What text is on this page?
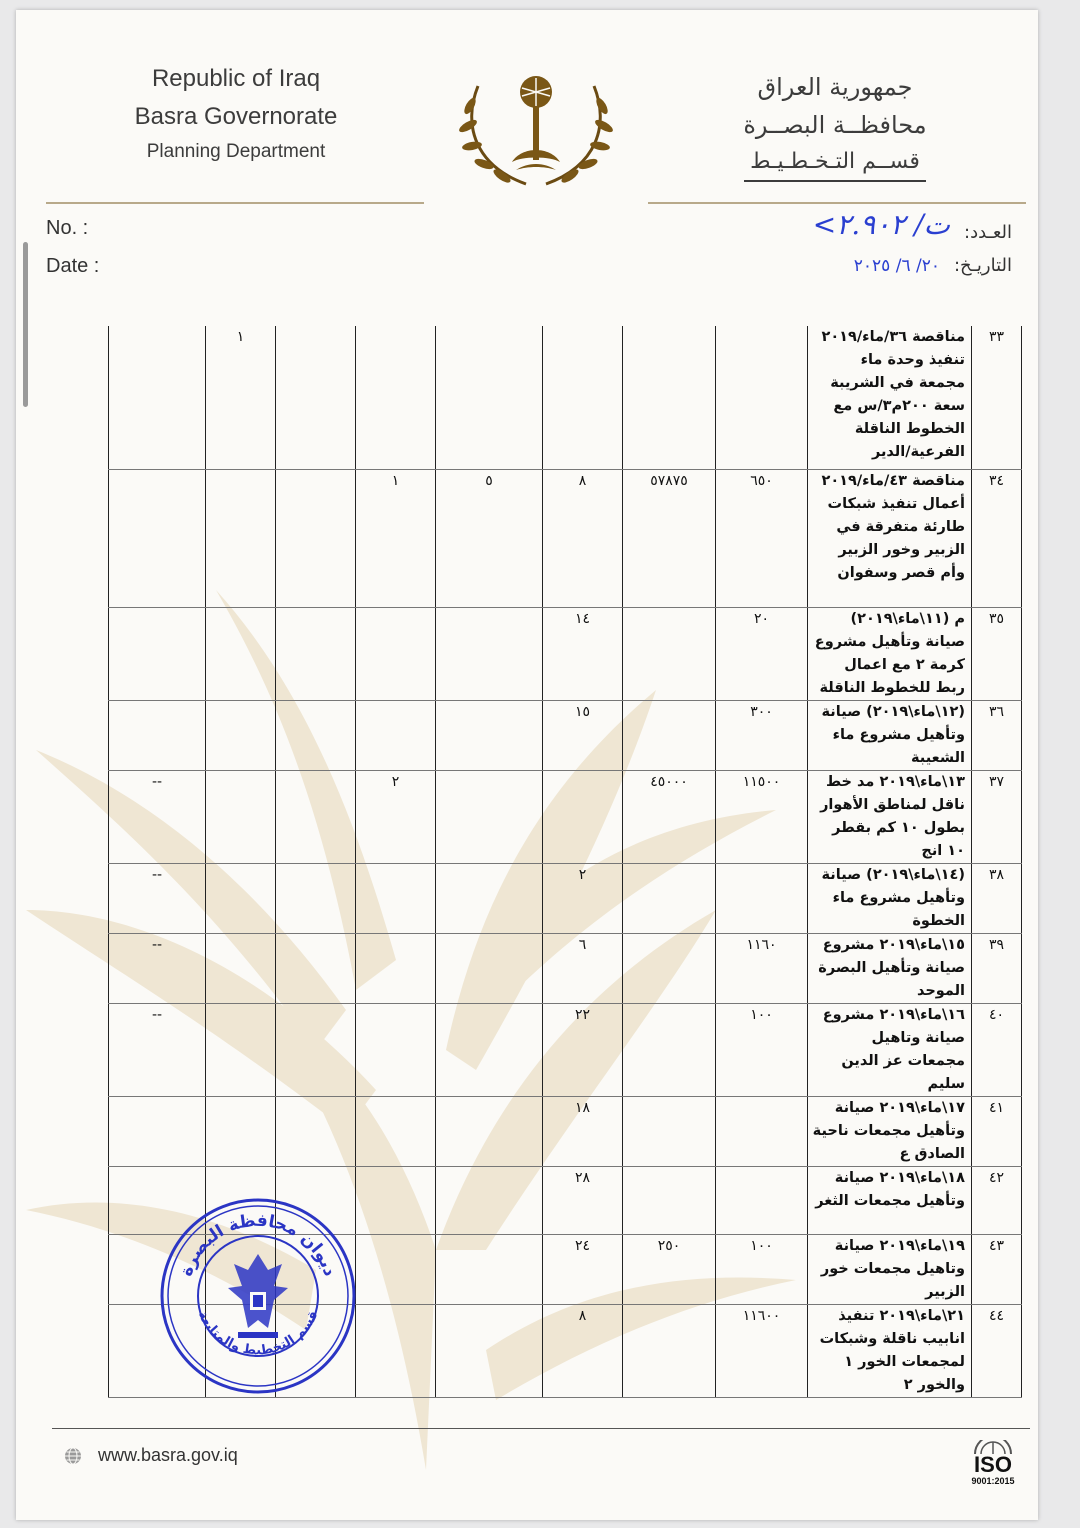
Republic of Iraq
Basra Governorate
Planning Department
جمهورية العراق
محافظــة البصــرة
قســم التـخـطـيـط
No. :
Date :
العـدد:
التاريـخ:
ت/ ٢.٩٠٢>
٢٠/ ٦/ ٢٠٢٥
	١							مناقصة ٣٦/ماء/٢٠١٩ تنفيذ وحدة ماء مجمعة في الشريبة سعة ٢٠٠م٣/س مع الخطوط الناقلة الفرعية/الدير	٣٣
			١	٥	٨	٥٧٨٧٥	٦٥٠	مناقصة ٤٣/ماء/٢٠١٩ أعمال تنفيذ شبكات طارئة متفرقة في الزبير وخور الزبير وأم قصر وسفوان	٣٤
					١٤		٢٠	م (١١\ماء\٢٠١٩) صيانة وتأهيل مشروع كرمة ٢ مع اعمال ربط للخطوط الناقلة	٣٥
					١٥		٣٠٠	(١٢\ماء\٢٠١٩) صيانة وتأهيل مشروع ماء الشعيبة	٣٦
--			٢			٤٥٠٠٠	١١٥٠٠	١٣\ماء\٢٠١٩ مد خط ناقل لمناطق الأهوار بطول ١٠ كم بقطر ١٠ انج	٣٧
--					٢			(١٤\ماء\٢٠١٩) صيانة وتأهيل مشروع ماء الخطوة	٣٨
--					٦		١١٦٠	١٥\ماء\٢٠١٩ مشروع صيانة وتأهيل البصرة الموحد	٣٩
--					٢٢		١٠٠	١٦\ماء\٢٠١٩ مشروع صيانة وتاهيل مجمعات عز الدين سليم	٤٠
					١٨			١٧\ماء\٢٠١٩ صيانة وتأهيل مجمعات ناحية الصادق ع	٤١
					٢٨			١٨\ماء\٢٠١٩ صيانة وتأهيل مجمعات الثغر	٤٢
					٢٤	٢٥٠	١٠٠	١٩\ماء\٢٠١٩ صيانة وتاهيل مجمعات خور الزبير	٤٣
					٨		١١٦٠٠	٢١\ماء\٢٠١٩ تنفيذ انابيب ناقلة وشبكات لمجمعات الخور ١ والخور ٢	٤٤
ديوان محافظة البصرة
قسم التخطيط والمتابعة
www.basra.gov.iq	ISO
9001:2015
